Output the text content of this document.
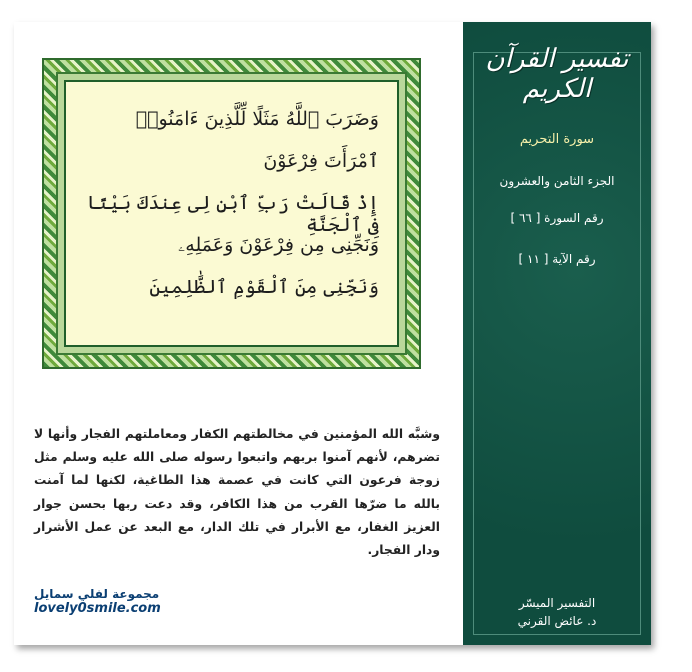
وَضَرَبَ ٱللَّهُ مَثَلًا لِّلَّذِينَ ءَامَنُوا۟
ٱمْرَأَتَ فِرْعَوْنَ
إِذْ قَالَتْ رَبِّ ٱبْنِ لِى عِندَكَ بَيْتًا فِى ٱلْجَنَّةِ
وَنَجِّنِى مِن فِرْعَوْنَ وَعَمَلِهِۦ
وَنَجِّنِى مِنَ ٱلْقَوْمِ ٱلظَّٰلِمِينَ
وشبَّه الله المؤمنين في مخالطتهم الكفار ومعاملتهم الفجار وأنها لا تضرهم، لأنهم آمنوا بربهم واتبعوا رسوله صلى الله عليه وسلم مثل زوجة فرعون التي كانت في عصمة هذا الطاغية، لكنها لما آمنت بالله ما ضرّها القرب من هذا الكافر، وقد دعت ربها بحسن جوار العزيز الغفار، مع الأبرار في تلك الدار، مع البعد عن عمل الأشرار ودار الفجار.
مجموعة لفلي سمايل
lovely0smile.com
تفسير القرآن الكريم
سورة التحريم
الجزء الثامن والعشرون
رقم السورة [ ٦٦ ]
رقم الآية [ ١١ ]
التفسير الميسّر
د. عائض القرني
